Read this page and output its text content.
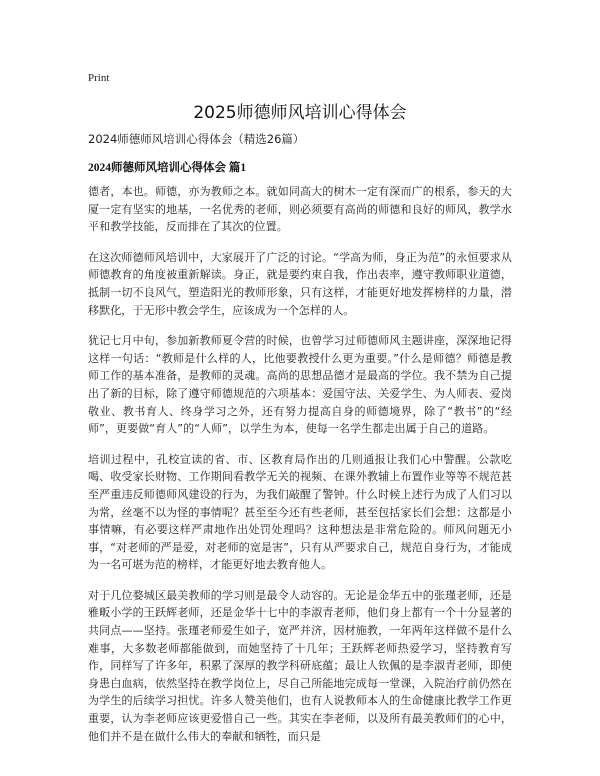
Print
2025师德师风培训心得体会
2024师德师风培训心得体会（精选26篇）
2024师德师风培训心得体会 篇1

德者，本也。师德，亦为教师之本。就如同高大的树木一定有深而广的根系，参天的大厦一定有坚实的地基，一名优秀的老师，则必须要有高尚的师德和良好的师风，教学水平和教学技能，反而排在了其次的位置。

在这次师德师风培训中，大家展开了广泛的讨论。“学高为师，身正为范”的永恒要求从师德教育的角度被重新解读。身正，就是要约束自我，作出表率，遵守教师职业道德，抵制一切不良风气，塑造阳光的教师形象，只有这样，才能更好地发挥榜样的力量，潜移默化，于无形中教会学生，应该成为一个怎样的人。

犹记七月中旬，参加新教师夏令营的时候，也曾学习过师德师风主题讲座，深深地记得这样一句话：“教师是什么样的人，比他要教授什么更为重要。”什么是师德？师德是教师工作的基本准备，是教师的灵魂。高尚的思想品德才是最高的学位。我不禁为自己提出了新的目标，除了遵守师德规范的六项基本：爱国守法、关爱学生、为人师表、爱岗敬业、教书育人、终身学习之外，还有努力提高自身的师德境界，除了“教书”的“经师”，更要做“育人”的“人师”，以学生为本，使每一名学生都走出属于自己的道路。

培训过程中，孔校宣读的省、市、区教育局作出的几则通报让我们心中警醒。公款吃喝、收受家长财物、工作期间看教学无关的视频、在课外教辅上布置作业等等不规范甚至严重违反师德师风建设的行为，为我们敲醒了警钟。什么时候上述行为成了人们习以为常，丝毫不以为怪的事情呢？甚至至今还有些老师，甚至包括家长们会想：这都是小事情嘛，有必要这样严肃地作出处罚处理吗？这种想法是非常危险的。师风问题无小事，“对老师的严是爱，对老师的宽是害”，只有从严要求自己，规范自身行为，才能成为一名可堪为范的榜样，才能更好地去教育他人。

对于几位婺城区最美教师的学习则是最令人动容的。无论是金华五中的张瑾老师，还是雅畈小学的王跃辉老师，还是金华十七中的李淑青老师，他们身上都有一个十分显著的共同点——坚持。张瑾老师爱生如子，宽严并济，因材施教，一年两年这样做不是什么难事，大多数老师都能做到，而她坚持了十几年；王跃辉老师热爱学习，坚持教育写作，同样写了许多年，积累了深厚的教学科研底蕴；最让人钦佩的是李淑青老师，即使身患白血病，依然坚持在教学岗位上，尽自己所能地完成每一堂课，入院治疗前仍然在为学生的后续学习担忧。许多人赞美他们，也有人说教师本人的生命健康比教学工作更重要，认为李老师应该更爱惜自己一些。其实在李老师，以及所有最美教师们的心中，他们并不是在做什么伟大的奉献和牺牲，而只是
